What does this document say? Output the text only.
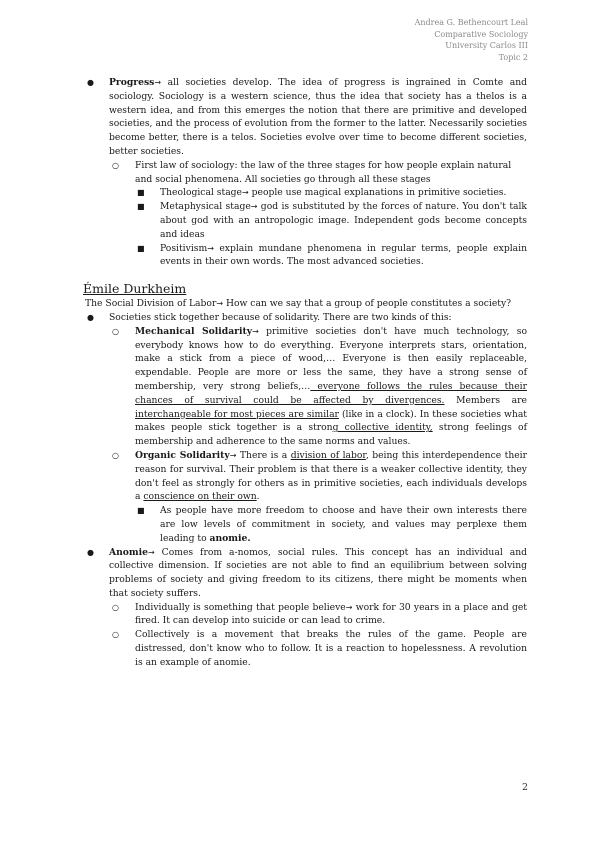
Andrea G. Bethencourt Leal
Comparative Sociology
University Carlos III
Topic 2
● Progress→ all societies develop. The idea of progress is ingrained in Comte and sociology. Sociology is a western science, thus the idea that society has a thelos is a western idea, and from this emerges the notion that there are primitive and developed societies, and the process of evolution from the former to the latter. Necessarily societies become better, there is a telos. Societies evolve over time to become different societies, better societies.
○ First law of sociology: the law of the three stages for how people explain natural and social phenomena. All societies go through all these stages
■ Theological stage→ people use magical explanations in primitive societies.
■ Metaphysical stage→ god is substituted by the forces of nature. You don't talk about god with an antropologic image. Independent gods become concepts and ideas
■ Positivism→ explain mundane phenomena in regular terms, people explain events in their own words. The most advanced societies.
Émile Durkheim
The Social Division of Labor→ How can we say that a group of people constitutes a society?
● Societies stick together because of solidarity. There are two kinds of this:
○ Mechanical Solidarity→ primitive societies don't have much technology, so everybody knows how to do everything. Everyone interprets stars, orientation, make a stick from a piece of wood,… Everyone is then easily replaceable, expendable. People are more or less the same, they have a strong sense of membership, very strong beliefs,… everyone follows the rules because their chances of survival could be affected by divergences. Members are interchangeable for most pieces are similar (like in a clock). In these societies what makes people stick together is a strong collective identity, strong feelings of membership and adherence to the same norms and values.
○ Organic Solidarity→ There is a division of labor, being this interdependence their reason for survival. Their problem is that there is a weaker collective identity, they don't feel as strongly for others as in primitive societies, each individuals develops a conscience on their own.
■ As people have more freedom to choose and have their own interests there are low levels of commitment in society, and values may perplexe them leading to anomie.
● Anomie→ Comes from a-nomos, social rules. This concept has an individual and collective dimension. If societies are not able to find an equilibrium between solving problems of society and giving freedom to its citizens, there might be moments when that society suffers.
○ Individually is something that people believe→ work for 30 years in a place and get fired. It can develop into suicide or can lead to crime.
○ Collectively is a movement that breaks the rules of the game. People are distressed, don't know who to follow. It is a reaction to hopelessness. A revolution is an example of anomie.
2
